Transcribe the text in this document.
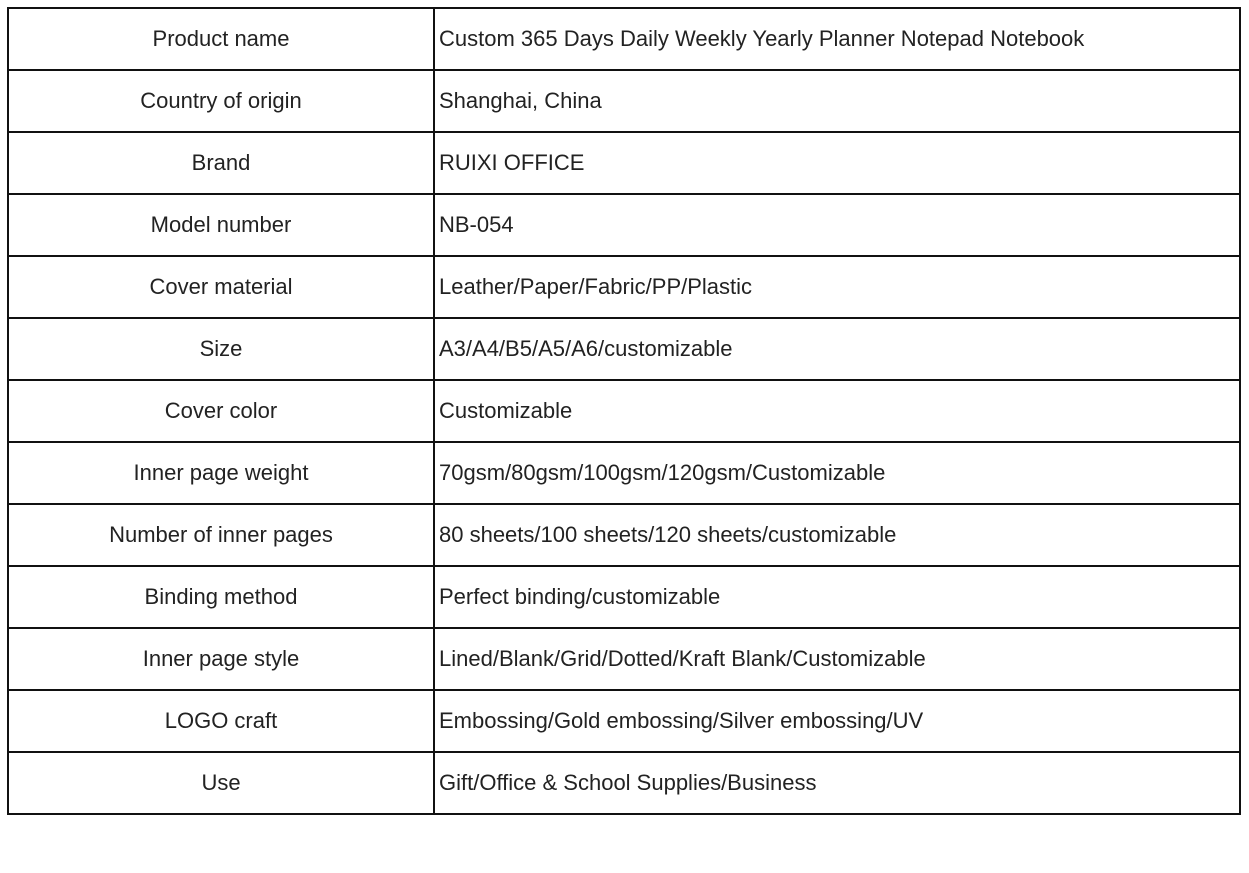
Product name	Custom 365 Days Daily Weekly Yearly Planner Notepad Notebook
Country of origin	Shanghai, China
Brand	RUIXI OFFICE
Model number	NB-054
Cover material	Leather/Paper/Fabric/PP/Plastic
Size	A3/A4/B5/A5/A6/customizable
Cover color	Customizable
Inner page weight	70gsm/80gsm/100gsm/120gsm/Customizable
Number of inner pages	80 sheets/100 sheets/120 sheets/customizable
Binding method	Perfect binding/customizable
Inner page style	Lined/Blank/Grid/Dotted/Kraft Blank/Customizable
LOGO craft	Embossing/Gold embossing/Silver embossing/UV
Use	Gift/Office & School Supplies/Business
